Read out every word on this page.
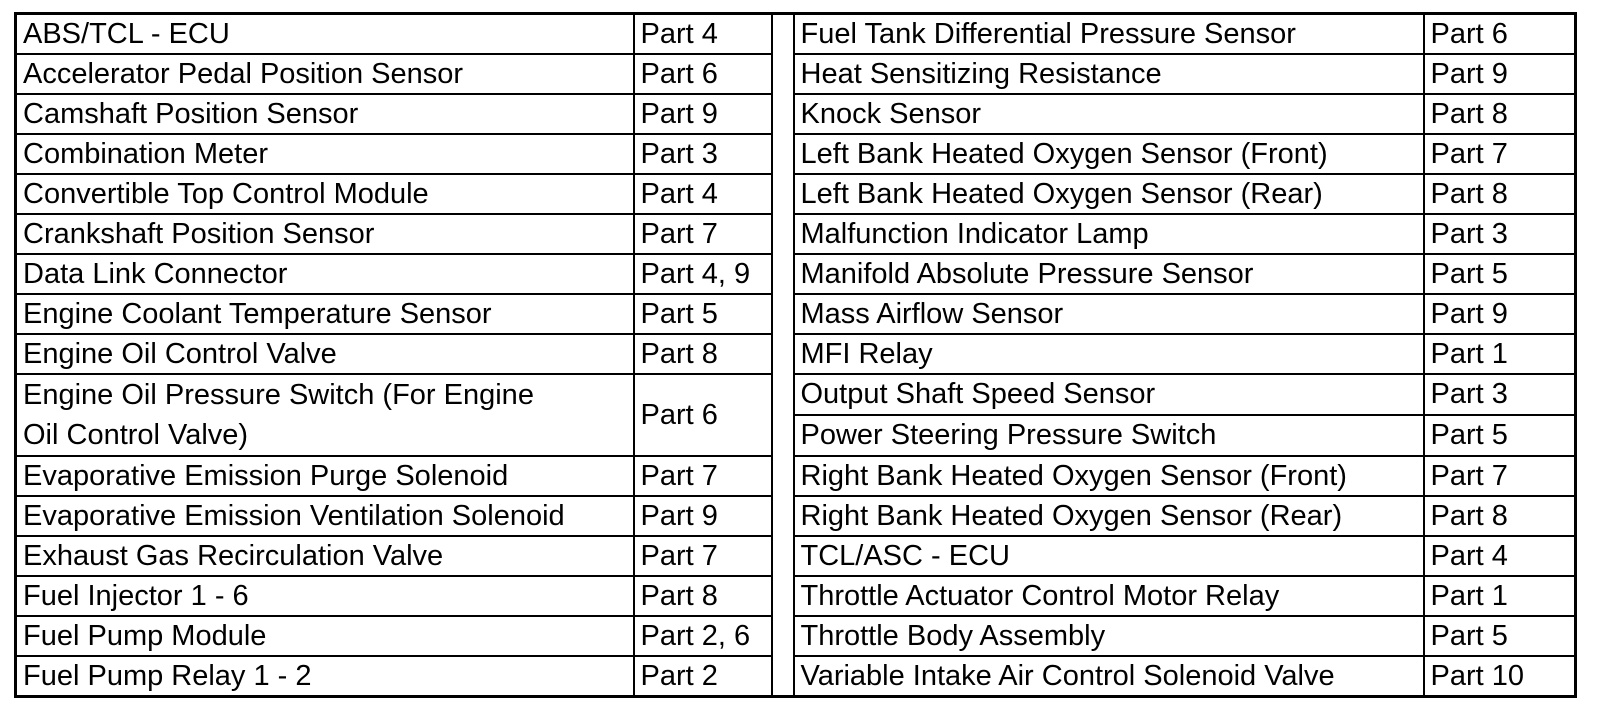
ABS/TCL - ECU	Part 4		Fuel Tank Differential Pressure Sensor	Part 6
Accelerator Pedal Position Sensor	Part 6		Heat Sensitizing Resistance	Part 9
Camshaft Position Sensor	Part 9		Knock Sensor	Part 8
Combination Meter	Part 3		Left Bank Heated Oxygen Sensor (Front)	Part 7
Convertible Top Control Module	Part 4		Left Bank Heated Oxygen Sensor (Rear)	Part 8
Crankshaft Position Sensor	Part 7		Malfunction Indicator Lamp	Part 3
Data Link Connector	Part 4, 9		Manifold Absolute Pressure Sensor	Part 5
Engine Coolant Temperature Sensor	Part 5		Mass Airflow Sensor	Part 9
Engine Oil Control Valve	Part 8		MFI Relay	Part 1
Engine Oil Pressure Switch (For Engine
Oil Control Valve)	Part 6		Output Shaft Speed Sensor	Part 3
			Power Steering Pressure Switch	Part 5
Evaporative Emission Purge Solenoid	Part 7		Right Bank Heated Oxygen Sensor (Front)	Part 7
Evaporative Emission Ventilation Solenoid	Part 9		Right Bank Heated Oxygen Sensor (Rear)	Part 8
Exhaust Gas Recirculation Valve	Part 7		TCL/ASC - ECU	Part 4
Fuel Injector 1 - 6	Part 8		Throttle Actuator Control Motor Relay	Part 1
Fuel Pump Module	Part 2, 6		Throttle Body Assembly	Part 5
Fuel Pump Relay 1 - 2	Part 2		Variable Intake Air Control Solenoid Valve	Part 10
